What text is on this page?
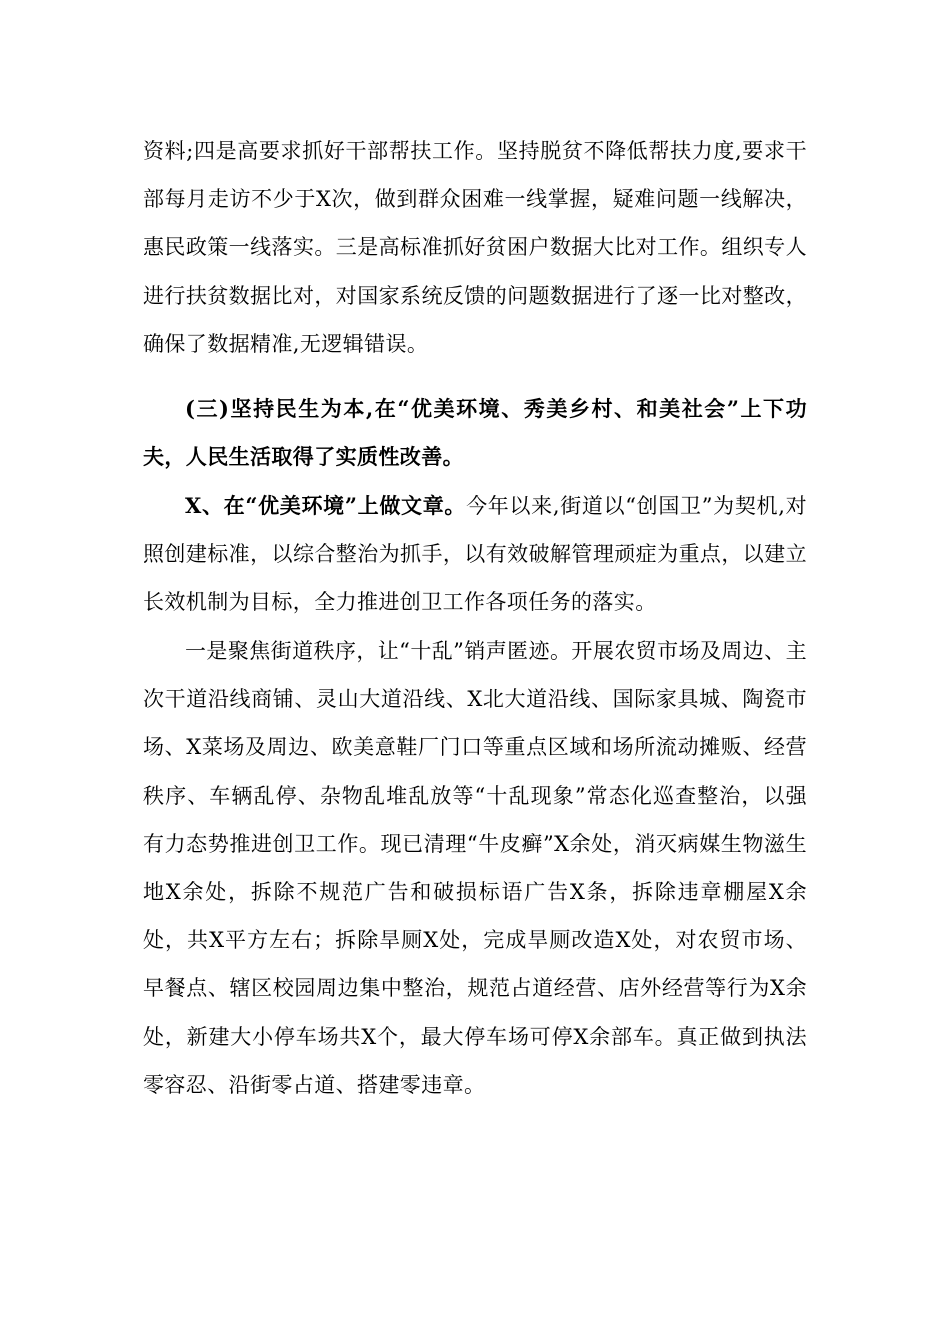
资料;四是高要求抓好干部帮扶工作。坚持脱贫不降低帮扶力度,要求干部每月走访不少于X次，做到群众困难一线掌握，疑难问题一线解决，惠民政策一线落实。三是高标准抓好贫困户数据大比对工作。组织专人进行扶贫数据比对，对国家系统反馈的问题数据进行了逐一比对整改，确保了数据精准,无逻辑错误。

(三)坚持民生为本,在“优美环境、秀美乡村、和美社会”上下功夫，人民生活取得了实质性改善。

X、在“优美环境”上做文章。今年以来,街道以“创国卫”为契机,对照创建标准，以综合整治为抓手，以有效破解管理顽症为重点，以建立长效机制为目标，全力推进创卫工作各项任务的落实。

一是聚焦街道秩序，让“十乱”销声匿迹。开展农贸市场及周边、主次干道沿线商铺、灵山大道沿线、X北大道沿线、国际家具城、陶瓷市场、X菜场及周边、欧美意鞋厂门口等重点区域和场所流动摊贩、经营秩序、车辆乱停、杂物乱堆乱放等“十乱现象”常态化巡查整治，以强有力态势推进创卫工作。现已清理“牛皮癣”X余处，消灭病媒生物滋生地X余处，拆除不规范广告和破损标语广告X条，拆除违章棚屋X余处，共X平方左右；拆除旱厕X处，完成旱厕改造X处，对农贸市场、早餐点、辖区校园周边集中整治，规范占道经营、店外经营等行为X余处，新建大小停车场共X个，最大停车场可停X余部车。真正做到执法零容忍、沿街零占道、搭建零违章。
